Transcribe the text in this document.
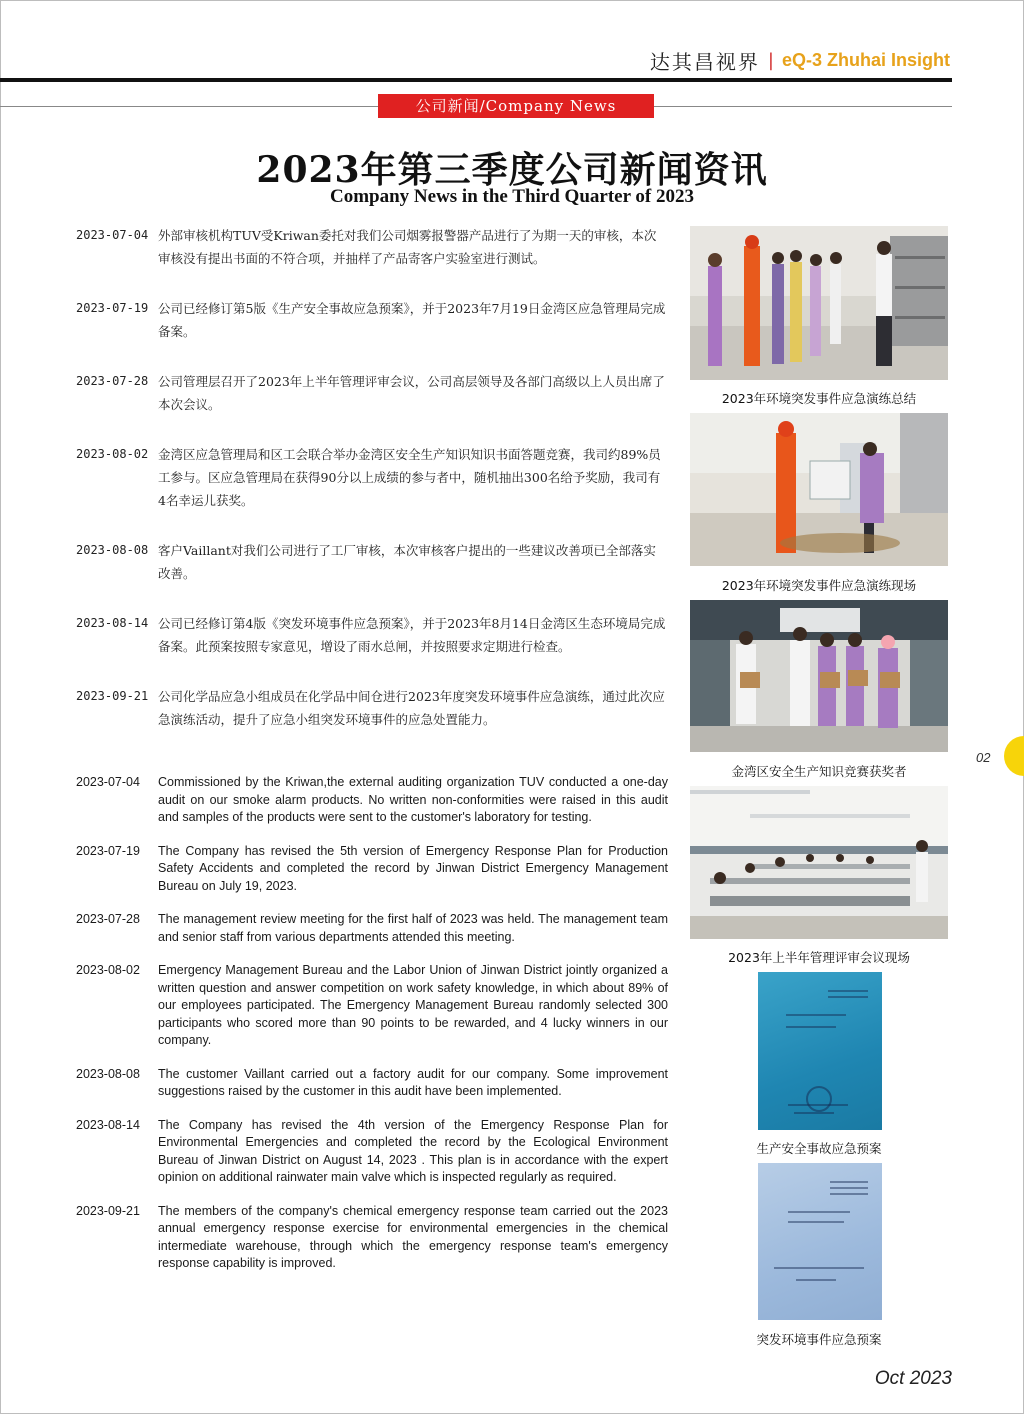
达其昌视界 | eQ-3 Zhuhai Insight
公司新闻/Company News
2023年第三季度公司新闻资讯
Company News in the Third Quarter of 2023
2023-07-04 外部审核机构TUV受Kriwan委托对我们公司烟雾报警器产品进行了为期一天的审核，本次审核没有提出书面的不符合项，并抽样了产品寄客户实验室进行测试。
2023-07-19 公司已经修订第5版《生产安全事故应急预案》，并于2023年7月19日金湾区应急管理局完成备案。
2023-07-28 公司管理层召开了2023年上半年管理评审会议，公司高层领导及各部门高级以上人员出席了本次会议。
2023-08-02 金湾区应急管理局和区工会联合举办金湾区安全生产知识知识书面答题竞赛，我司约89%员工参与。区应急管理局在获得90分以上成绩的参与者中，随机抽出300名给予奖励，我司有4名幸运儿获奖。
2023-08-08 客户Vaillant对我们公司进行了工厂审核，本次审核客户提出的一些建议改善项已全部落实改善。
2023-08-14 公司已经修订第4版《突发环境事件应急预案》，并于2023年8月14日金湾区生态环境局完成备案。此预案按照专家意见，增设了雨水总闸，并按照要求定期进行检查。
2023-09-21 公司化学品应急小组成员在化学品中间仓进行2023年度突发环境事件应急演练，通过此次应急演练活动，提升了应急小组突发环境事件的应急处置能力。
2023-07-04	Commissioned by the Kriwan,the external auditing organization TUV conducted a one-day audit on our smoke alarm products. No written non-conformities were raised in this audit and samples of the products were sent to the customer's laboratory for testing.
2023-07-19	The Company has revised the 5th version of Emergency Response Plan for Production Safety Accidents and completed the record by Jinwan District Emergency Management Bureau on July 19, 2023.
2023-07-28	The management review meeting for the first half of 2023 was held. The management team and senior staff from various departments attended this meeting.
2023-08-02	Emergency Management Bureau and the Labor Union of Jinwan District jointly organized a written question and answer competition on work safety knowledge, in which about 89% of our employees participated. The Emergency Management Bureau randomly selected 300 participants who scored more than 90 points to be rewarded, and 4 lucky winners in our company.
2023-08-08	The customer Vaillant carried out a factory audit for our company. Some improvement suggestions raised by the customer in this audit have been implemented.
2023-08-14	The Company has revised the 4th version of the Emergency Response Plan for Environmental Emergencies and completed the record by the Ecological Environment Bureau of Jinwan District on August 14, 2023 . This plan is in accordance with the expert opinion on additional rainwater main valve which is inspected regularly as required.
2023-09-21	The members of the company's chemical emergency response team carried out the 2023 annual emergency response exercise for environmental emergencies in the chemical intermediate warehouse, through which the emergency response team's emergency response capability is improved.
2023年环境突发事件应急演练总结
2023年环境突发事件应急演练现场
金湾区安全生产知识竞赛获奖者
2023年上半年管理评审会议现场
生产安全事故应急预案
突发环境事件应急预案
02
Oct 2023
